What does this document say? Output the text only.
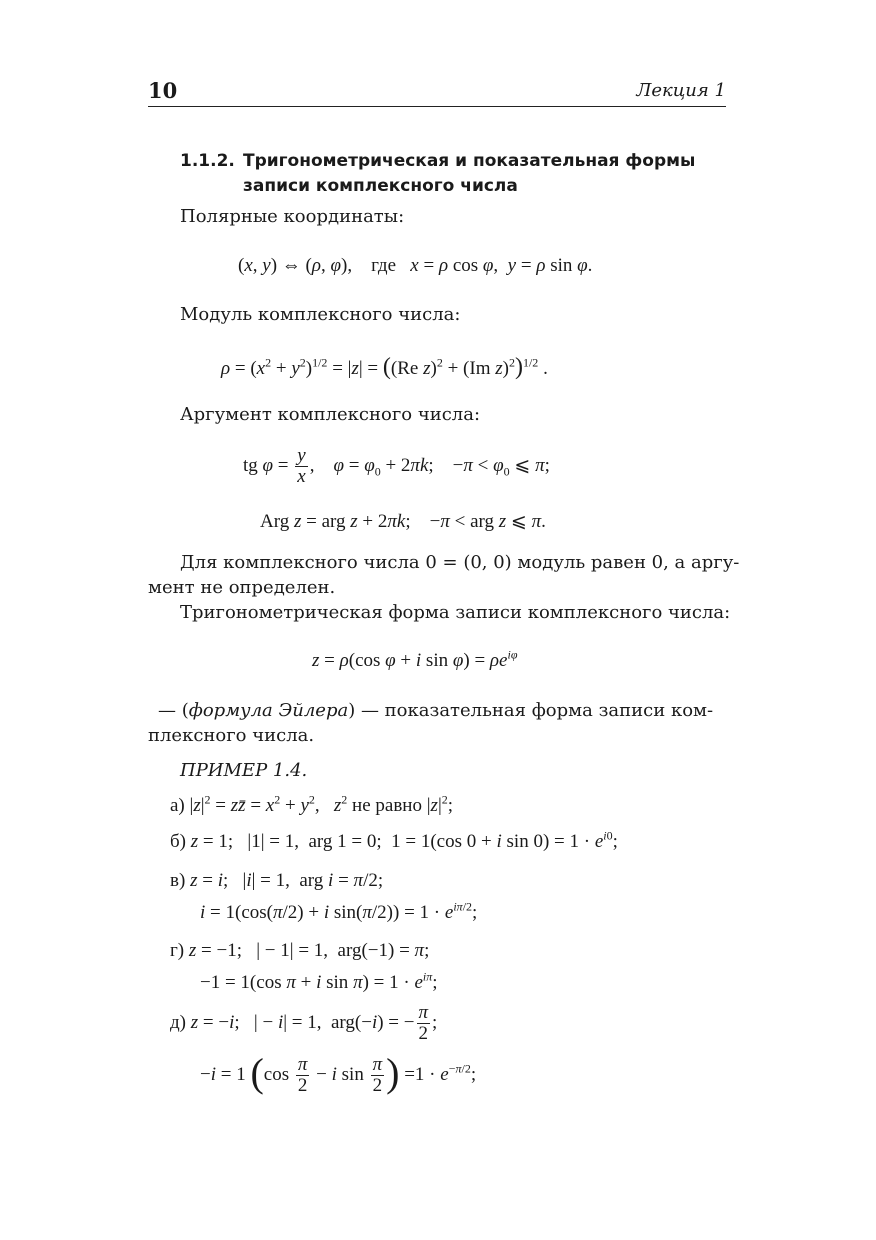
10	Лекция 1
1.1.2. Тригонометрическая и показательная формы
записи комплексного числа
Полярные координаты:
(x, y) ⇔ (ρ, φ),    где   x = ρ cos φ,  y = ρ sin φ.
Модуль комплексного числа:
$\rho = (x^2 + y^2)^{1/2} = |z| = ((Re$ z)$^2$ + (Im z)$^2$)$^{1/2}$ .
Аргумент комплексного числа:
tg $\varphi = \frac{y}{x}$ ,    $\varphi = \varphi_0 + 2\pi k$;    $-\pi < \varphi_0$ ⩽ π;
Arg z = arg z + 2πk;    −π < arg z ⩽ π.
Для комплексного числа 0 = (0, 0) модуль равен 0, а аргу-
мент не определен.
Тригонометрическая форма записи комплексного числа:
z = ρ(cos φ + i $\sin \varphi) = \rho e^{i\varphi}$
— (формула Эйлера) — показательная форма записи ком-
плексного числа.
ПРИМЕР 1.4.
а) $|z|^2$ = zz̄ = $x^2 + y^2$,   $z^2$ не равно $|z|^2$;
б) z = 1;   |1| = 1,  arg 1 = 0;  1 = 1(cos 0 + i $\sin 0) = 1 \cdot e^{i0}$;
в) z = i;   |i| = 1,  arg i = π/2;
i = 1(cos(π/2) + i $\sin(\pi/2)) = 1 \cdot e^{i\pi/2}$;
г) z = −1;   | − 1| = 1,  arg(−1) = π;
−1 = 1(cos π + i $\sin \pi) = 1 \cdot e^{i\pi}$;
д) z = −i;   | − i| = 1,  arg(−i) = − $\frac{\pi}{2}$ ;
−i = 1 ($\cos \frac{\pi}{2} - i$ $\sin \frac{\pi}{2}$ ) $=1 \cdot e^{-\pi/2}$;
